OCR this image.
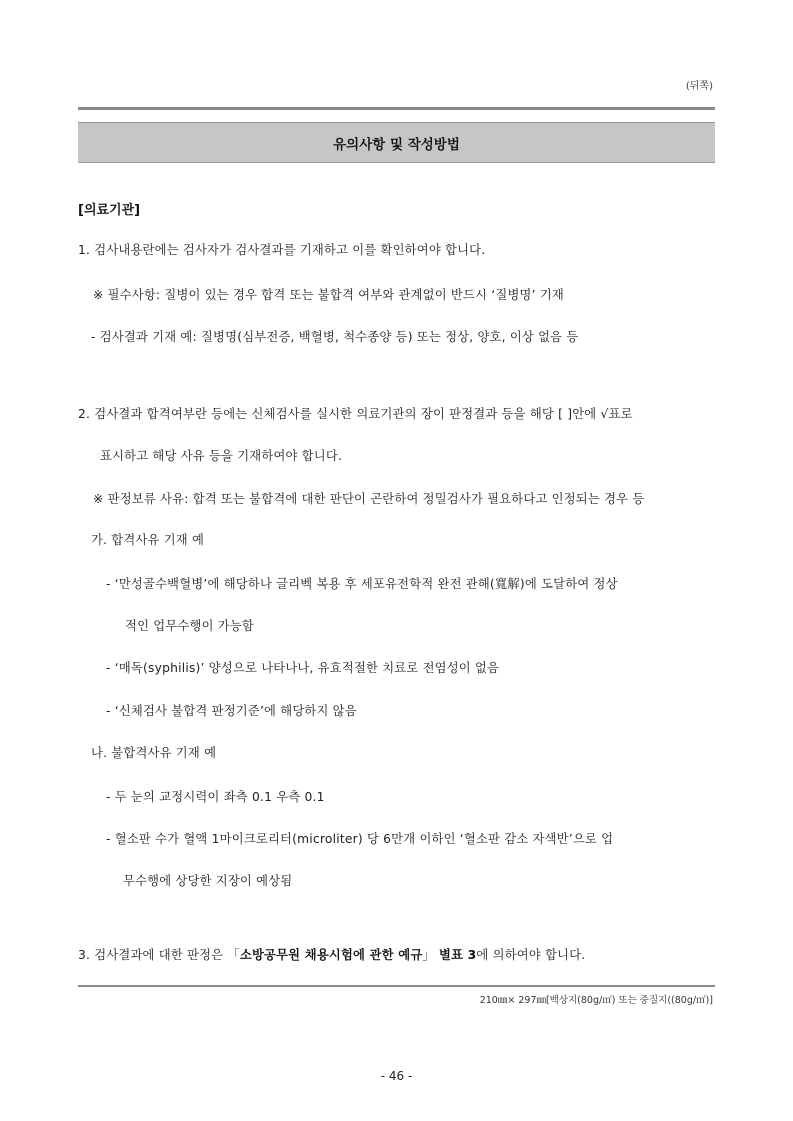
(뒤쪽)
유의사항 및 작성방법
[의료기관]
1. 검사내용란에는 검사자가 검사결과를 기재하고 이를 확인하여야 합니다.
※ 필수사항: 질병이 있는 경우 합격 또는 불합격 여부와 관계없이 반드시 ‘질병명’ 기재
- 검사결과 기재 예: 질병명(심부전증, 백혈병, 척수종양 등) 또는 정상, 양호, 이상 없음 등
2. 검사결과 합격여부란 등에는 신체검사를 실시한 의료기관의 장이 판정결과 등을 해당 [ ]안에 √표로
표시하고 해당 사유 등을 기재하여야 합니다.
※ 판정보류 사유: 합격 또는 불합격에 대한 판단이 곤란하여 정밀검사가 필요하다고 인정되는 경우 등
가. 합격사유 기재 예
- ‘만성골수백혈병’에 해당하나 글리벡 복용 후 세포유전학적 완전 관해(寬解)에 도달하여 정상
적인 업무수행이 가능함
- ‘매독(syphilis)’ 양성으로 나타나나, 유효적절한 치료로 전염성이 없음
- ‘신체검사 불합격 판정기준’에 해당하지 않음
나. 불합격사유 기재 예
- 두 눈의 교정시력이 좌측 0.1 우측 0.1
- 혈소판 수가 혈액 1마이크로리터(microliter) 당 6만개 이하인 ‘혈소판 감소 자색반’으로 업
무수행에 상당한 지장이 예상됨
3. 검사결과에 대한 판정은 「소방공무원 채용시험에 관한 예규」 별표 3에 의하여야 합니다.
210㎜× 297㎜[백상지(80g/㎡) 또는 중질지((80g/㎡)]
- 46 -
